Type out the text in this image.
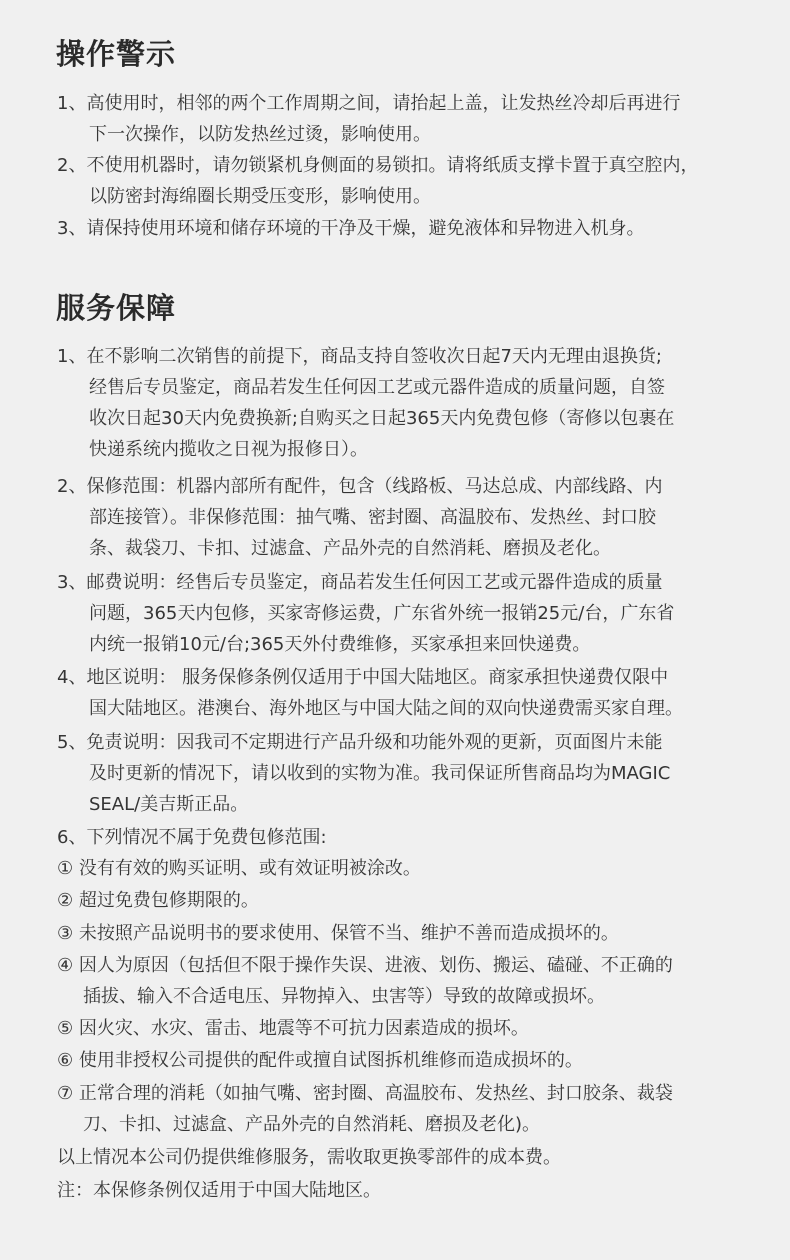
操作警示
1、高使用时，相邻的两个工作周期之间，请抬起上盖，让发热丝冷却后再进行
下一次操作，以防发热丝过烫，影响使用。
2、不使用机器时，请勿锁紧机身侧面的易锁扣。请将纸质支撑卡置于真空腔内，
以防密封海绵圈长期受压变形，影响使用。
3、请保持使用环境和储存环境的干净及干燥，避免液体和异物进入机身。
服务保障
1、在不影响二次销售的前提下，商品支持自签收次日起7天内无理由退换货;
经售后专员鉴定，商品若发生任何因工艺或元器件造成的质量问题，自签
收次日起30天内免费换新;自购买之日起365天内免费包修（寄修以包裹在
快递系统内揽收之日视为报修日）。
2、保修范围：机器内部所有配件，包含（线路板、马达总成、内部线路、内
部连接管）。非保修范围：抽气嘴、密封圈、高温胶布、发热丝、封口胶
条、裁袋刀、卡扣、过滤盒、产品外壳的自然消耗、磨损及老化。
3、邮费说明：经售后专员鉴定，商品若发生任何因工艺或元器件造成的质量
问题，365天内包修，买家寄修运费，广东省外统一报销25元/台，广东省
内统一报销10元/台;365天外付费维修，买家承担来回快递费。
4、地区说明： 服务保修条例仅适用于中国大陆地区。商家承担快递费仅限中
国大陆地区。港澳台、海外地区与中国大陆之间的双向快递费需买家自理。
5、免责说明：因我司不定期进行产品升级和功能外观的更新，页面图片未能
及时更新的情况下，请以收到的实物为准。我司保证所售商品均为MAGIC
SEAL/美吉斯正品。
6、下列情况不属于免费包修范围:
① 没有有效的购买证明、或有效证明被涂改。
② 超过免费包修期限的。
③ 未按照产品说明书的要求使用、保管不当、维护不善而造成损坏的。
④ 因人为原因（包括但不限于操作失误、进液、划伤、搬运、磕碰、不正确的
插拔、输入不合适电压、异物掉入、虫害等）导致的故障或损坏。
⑤ 因火灾、水灾、雷击、地震等不可抗力因素造成的损坏。
⑥ 使用非授权公司提供的配件或擅自试图拆机维修而造成损坏的。
⑦ 正常合理的消耗（如抽气嘴、密封圈、高温胶布、发热丝、封口胶条、裁袋
刀、卡扣、过滤盒、产品外壳的自然消耗、磨损及老化)。
以上情况本公司仍提供维修服务，需收取更换零部件的成本费。
注：本保修条例仅适用于中国大陆地区。
